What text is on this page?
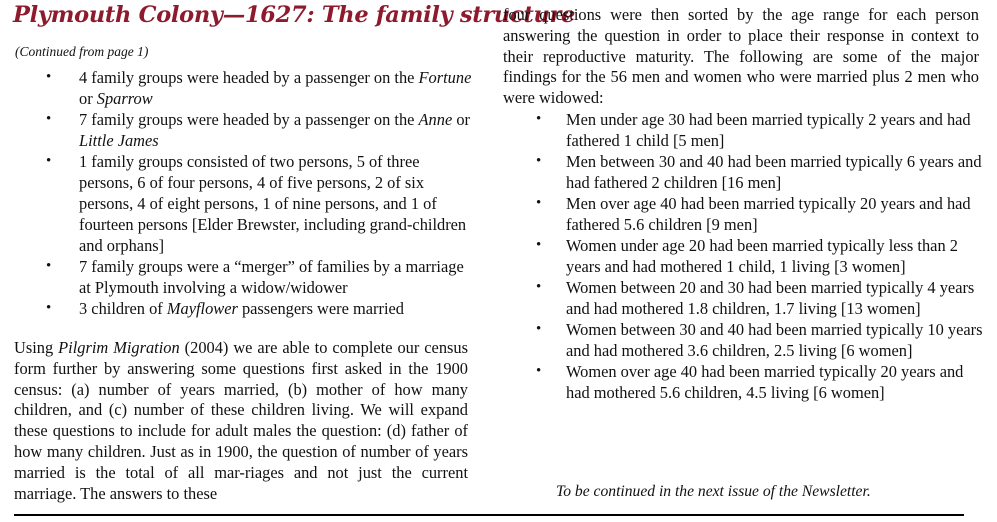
Plymouth Colony—1627: The family structure
(Continued from page 1)
• 4 family groups were headed by a passenger on the Fortune or Sparrow
• 7 family groups were headed by a passenger on the Anne or Little James
• 1 family groups consisted of two persons, 5 of three persons, 6 of four persons, 4 of five persons, 2 of six persons, 4 of eight persons, 1 of nine persons, and 1 of fourteen persons [Elder Brewster, including grand-children and orphans]
• 7 family groups were a “merger” of families by a marriage at Plymouth involving a widow/widower
• 3 children of Mayflower passengers were married

Using Pilgrim Migration (2004) we are able to complete our census form further by answering some questions first asked in the 1900 census: (a) number of years married, (b) mother of how many children, and (c) number of these children living. We will expand these questions to include for adult males the question: (d) father of how many children. Just as in 1900, the question of number of years married is the total of all mar-riages and not just the current marriage. The answers to these

four questions were then sorted by the age range for each person answering the question in order to place their response in context to their reproductive maturity. The following are some of the major findings for the 56 men and women who were married plus 2 men who were widowed:

• Men under age 30 had been married typically 2 years and had fathered 1 child [5 men]
• Men between 30 and 40 had been married typically 6 years and had fathered 2 children [16 men]
• Men over age 40 had been married typically 20 years and had fathered 5.6 children [9 men]
• Women under age 20 had been married typically less than 2 years and had mothered 1 child, 1 living [3 women]
• Women between 20 and 30 had been married typically 4 years and had mothered 1.8 children, 1.7 living [13 women]
• Women between 30 and 40 had been married typically 10 years and had mothered 3.6 children, 2.5 living [6 women]
• Women over age 40 had been married typically 20 years and had mothered 5.6 children, 4.5 living [6 women]
To be continued in the next issue of the Newsletter.
